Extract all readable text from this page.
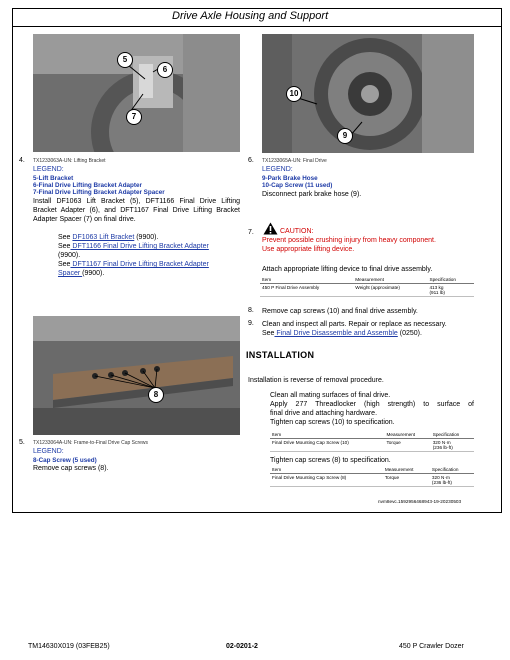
Drive Axle Housing and Support
5
6
7
10
9
4. TX1233063A-UN: Lifting Bracket
LEGEND:
5-Lift Bracket
6-Final Drive Lifting Bracket Adapter
7-Final Drive Lifting Bracket Adapter Spacer
Install DF1063 Lift Bracket (5), DFT1166 Final Drive Lifting
Bracket Adapter (6), and DFT1167 Final Drive Lifting Bracket
Adapter Spacer (7) on final drive.
See DF1063 Lift Bracket (9900).
See DFT1166 Final Drive Lifting Bracket Adapter
(9900).
See DFT1167 Final Drive Lifting Bracket Adapter
Spacer (9900).
8
5. TX1233064A-UN: Frame-to-Final Drive Cap Screws
LEGEND:
8-Cap Screw (5 used)
Remove cap screws (8).
6. TX1233065A-UN: Final Drive
LEGEND:
9-Park Brake Hose
10-Cap Screw (11 used)
Disconnect park brake hose (9).
7.	CAUTION:
Prevent possible crushing injury from heavy component.
Use appropriate lifting device.
Attach appropriate lifting device to final drive assembly.
Item	Measurement	Specification
450 P Final Drive Assembly	Weight (approximate)	413 kg
(911 lb)
8. Remove cap screws (10) and final drive assembly.
9. Clean and inspect all parts. Repair or replace as necessary.
See Final Drive Disassemble and Assemble (0250).
INSTALLATION
Installation is reverse of removal procedure.
Clean all mating surfaces of final drive.
Apply 277 Threadlocker (high strength) to surface of
final drive and attaching hardware.
Tighten cap screws (10) to specification.
Item	Measurement	Specification
Final Drive Mounting Cap Screw (10)	Torque	320 N·m
(236 lb-ft)
Tighten cap screws (8) to specification.
Item	Measurement	Specification
Final Drive Mounting Cap Screw (8)	Torque	320 N·m
(236 lb-ft)
nvm8evc.1592956468943-19-20230503
TM14630X019 (03FEB25)	02-0201-2	450 P Crawler Dozer
